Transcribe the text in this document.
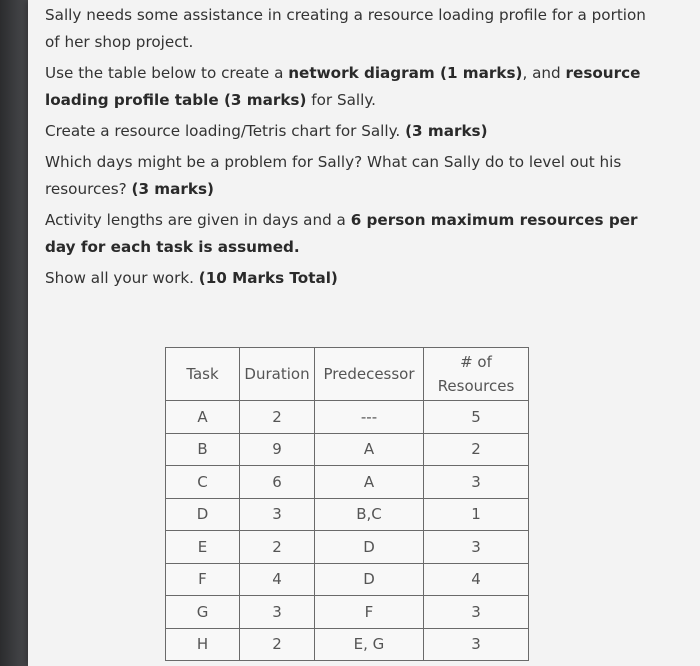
Sally needs some assistance in creating a resource loading profile for a portion of her shop project.

Use the table below to create a network diagram (1 marks), and resource loading profile table (3 marks) for Sally.

Create a resource loading/Tetris chart for Sally. (3 marks)

Which days might be a problem for Sally? What can Sally do to level out his resources? (3 marks)

Activity lengths are given in days and a 6 person maximum resources per day for each task is assumed.

Show all your work. (10 Marks Total)

Task	Duration	Predecessor	# of Resources
A	2	---	5
B	9	A	2
C	6	A	3
D	3	B,C	1
E	2	D	3
F	4	D	4
G	3	F	3
H	2	E, G	3
